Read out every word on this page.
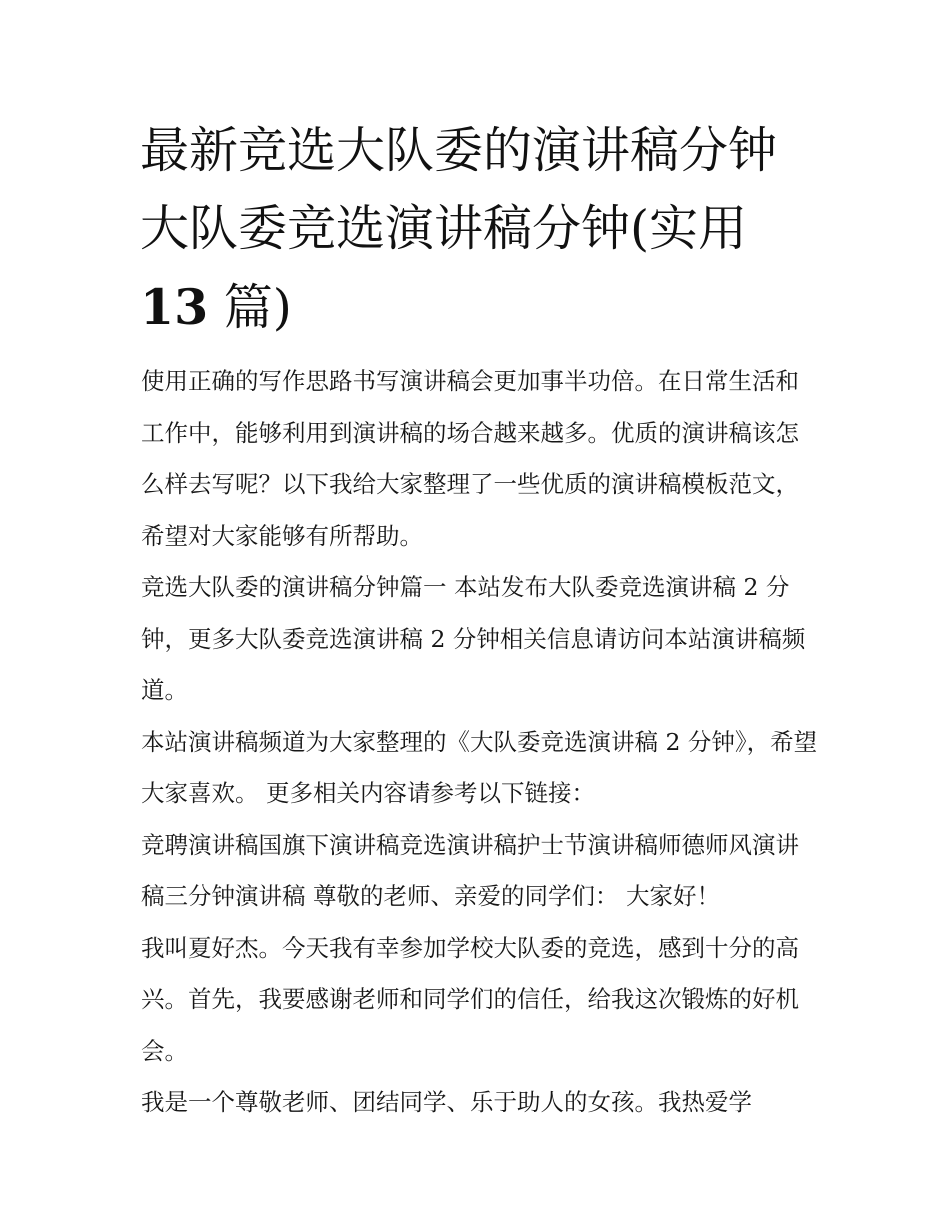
最新竞选大队委的演讲稿分钟
大队委竞选演讲稿分钟(实用
13 篇)

使用正确的写作思路书写演讲稿会更加事半功倍。在日常生活和工作中，能够利用到演讲稿的场合越来越多。优质的演讲稿该怎么样去写呢？以下我给大家整理了一些优质的演讲稿模板范文，希望对大家能够有所帮助。

竞选大队委的演讲稿分钟篇一 本站发布大队委竞选演讲稿 2 分钟，更多大队委竞选演讲稿 2 分钟相关信息请访问本站演讲稿频道。

本站演讲稿频道为大家整理的《大队委竞选演讲稿 2 分钟》，希望大家喜欢。 更多相关内容请参考以下链接：

竞聘演讲稿国旗下演讲稿竞选演讲稿护士节演讲稿师德师风演讲稿三分钟演讲稿 尊敬的老师、亲爱的同学们： 大家好！

我叫夏好杰。今天我有幸参加学校大队委的竞选，感到十分的高兴。首先，我要感谢老师和同学们的信任，给我这次锻炼的好机会。

我是一个尊敬老师、团结同学、乐于助人的女孩。我热爱学
